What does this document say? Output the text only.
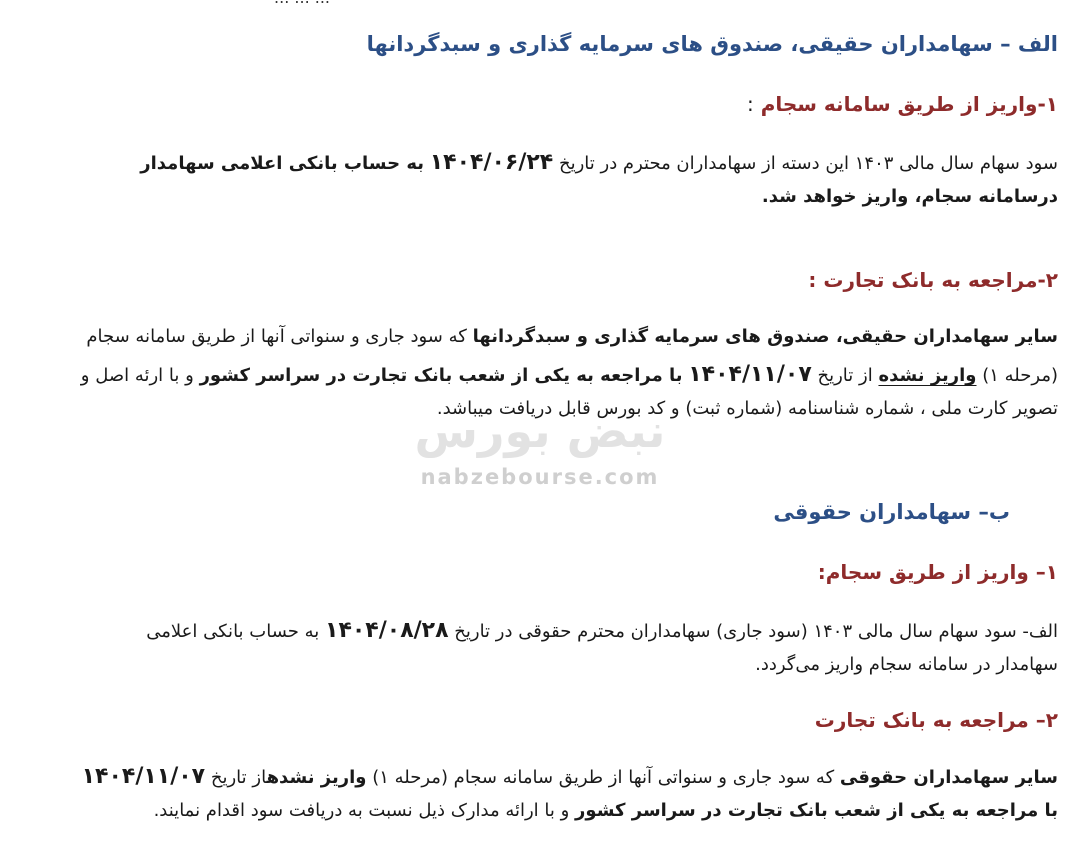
الف – سهامداران حقیقی، صندوق های سرمایه گذاری و سبدگردانها
۱-واریز از طریق سامانه سجام :
سود سهام سال مالی ۱۴۰۳ این دسته از سهامداران محترم در تاریخ ۱۴۰۴/۰۶/۲۴ به حساب بانکی اعلامی سهامدار
درسامانه سجام، واریز خواهد شد.
۲-مراجعه به بانک تجارت :
سایر سهامداران حقیقی، صندوق های سرمایه گذاری و سبدگردانها که سود جاری و سنواتی آنها از طریق سامانه سجام
(مرحله ۱) واریز نشده از تاریخ ۱۴۰۴/۱۱/۰۷ با مراجعه به یکی از شعب بانک تجارت در سراسر کشور و با ارئه اصل و
تصویر کارت ملی ، شماره شناسنامه (شماره ثبت) و کد بورس قابل دریافت میباشد.
نبض بورس
nabzebourse.com
ب– سهامداران حقوقی
۱– واریز از طریق سجام:
الف- سود سهام سال مالی ۱۴۰۳ (سود جاری) سهامداران محترم حقوقی در تاریخ ۱۴۰۴/۰۸/۲۸ به حساب بانکی اعلامی
سهامدار در سامانه سجام واریز می‌گردد.
۲– مراجعه به بانک تجارت
سایر سهامداران حقوقی که سود جاری و سنواتی آنها از طریق سامانه سجام (مرحله ۱) واریز نشدهاز تاریخ ۱۴۰۴/۱۱/۰۷
با مراجعه به یکی از شعب بانک تجارت در سراسر کشور و با ارائه مدارک ذیل نسبت به دریافت سود اقدام نمایند.
